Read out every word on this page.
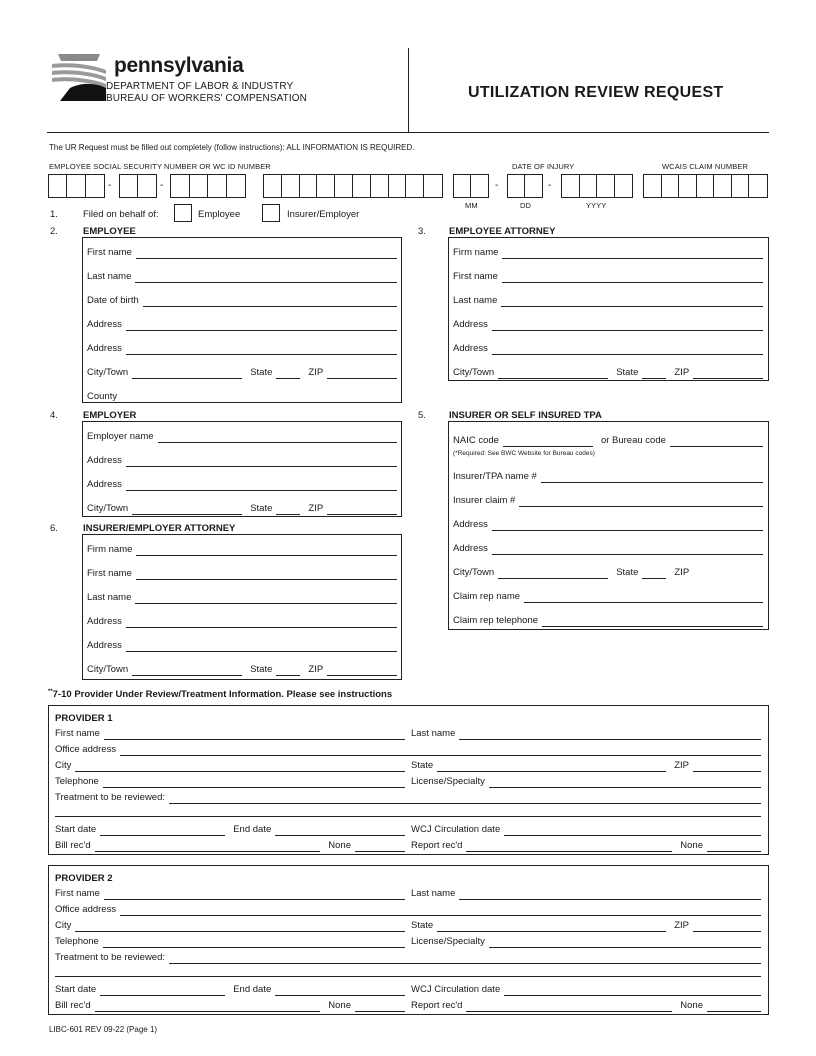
pennsylvania
DEPARTMENT OF LABOR & INDUSTRY
BUREAU OF WORKERS' COMPENSATION	UTILIZATION REVIEW REQUEST
The UR Request must be filled out completely (follow instructions): ALL INFORMATION IS REQUIRED.
EMPLOYEE SOCIAL SECURITY NUMBER OR WC ID NUMBER	DATE OF INJURY	WCAIS CLAIM NUMBER
-	-	-	-
MM	DD	YYYY
1.	Filed on behalf of:	Employee	Insurer/Employer
2.	EMPLOYEE
First name
Last name
Date of birth
Address
Address
City/Town	State	ZIP
County
3. EMPLOYEE ATTORNEY
Firm name
First name
Last name
Address
Address
City/Town	State	ZIP
4.	EMPLOYER
Employer name
Address
Address
City/Town	State	ZIP
5. INSURER OR SELF INSURED TPA
NAIC code	or Bureau code
(*Required: See BWC Website for Bureau codes)
Insurer/TPA name #
Insurer claim #
Address
Address
City/Town	State	ZIP
Claim rep name
Claim rep telephone
6.	INSURER/EMPLOYER ATTORNEY
Firm name
First name
Last name
Address
Address
City/Town	State	ZIP
**7-10 Provider Under Review/Treatment Information. Please see instructions
PROVIDER 1
First name	Last name
Office address
City	State	ZIP
Telephone	License/Specialty
Treatment to be reviewed:
Start date	End date	WCJ Circulation date
Bill rec'd	None	Report rec'd	None
PROVIDER 2
First name	Last name
Office address
City	State	ZIP
Telephone	License/Specialty
Treatment to be reviewed:
Start date	End date	WCJ Circulation date
Bill rec'd	None	Report rec'd	None
LIBC-601 REV 09-22 (Page 1)
